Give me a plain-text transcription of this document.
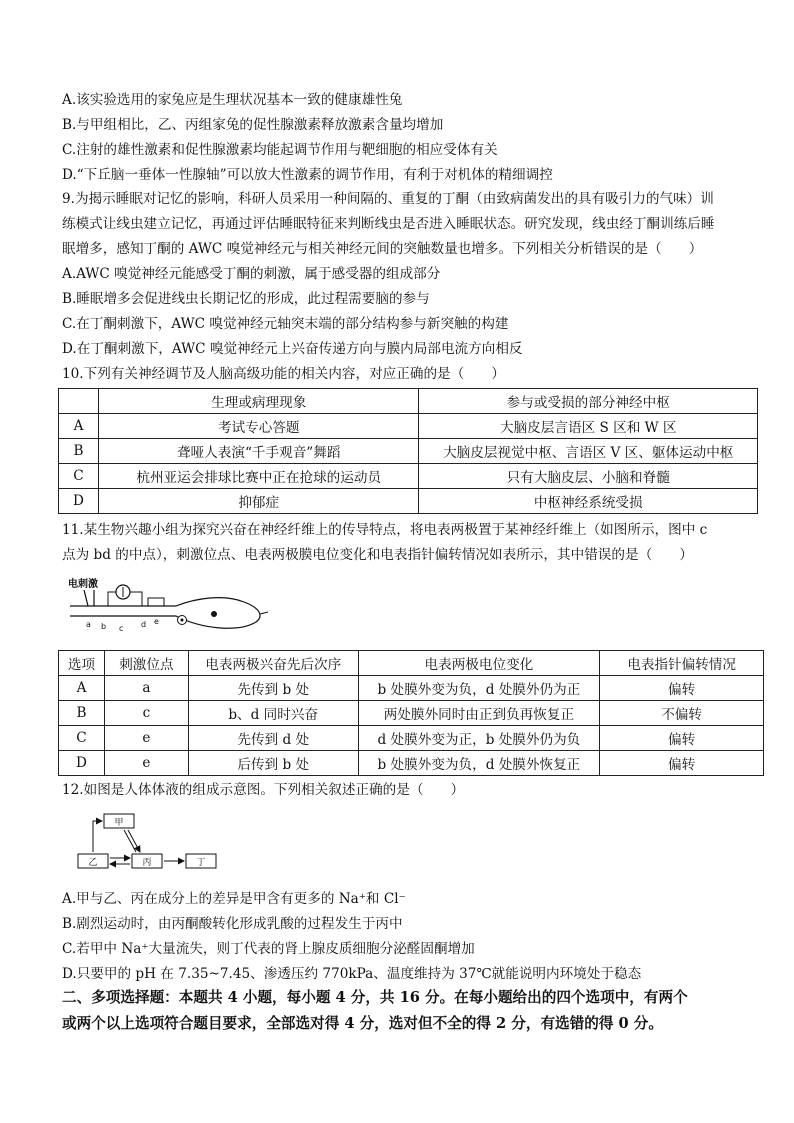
A.该实验选用的家兔应是生理状况基本一致的健康雄性兔
B.与甲组相比，乙、丙组家兔的促性腺激素释放激素含量均增加
C.注射的雄性激素和促性腺激素均能起调节作用与靶细胞的相应受体有关
D.“下丘脑一垂体一性腺轴”可以放大性激素的调节作用，有利于对机体的精细调控
9.为揭示睡眠对记忆的影响，科研人员采用一种间隔的、重复的丁酮（由致病菌发出的具有吸引力的气味）训
练模式让线虫建立记忆，再通过评估睡眠特征来判断线虫是否进入睡眠状态。研究发现，线虫经丁酮训练后睡
眠增多，感知丁酮的 AWC 嗅觉神经元与相关神经元间的突触数量也增多。下列相关分析错误的是（　　）
A.AWC 嗅觉神经元能感受丁酮的刺激，属于感受器的组成部分
B.睡眠增多会促进线虫长期记忆的形成，此过程需要脑的参与
C.在丁酮刺激下，AWC 嗅觉神经元轴突末端的部分结构参与新突触的构建
D.在丁酮刺激下，AWC 嗅觉神经元上兴奋传递方向与膜内局部电流方向相反
10.下列有关神经调节及人脑高级功能的相关内容，对应正确的是（　　）
	生理或病理现象	参与或受损的部分神经中枢
A	考试专心答题	大脑皮层言语区 S 区和 W 区
B	聋哑人表演“千手观音”舞蹈	大脑皮层视觉中枢、言语区 V 区、躯体运动中枢
C	杭州亚运会排球比赛中正在抢球的运动员	只有大脑皮层、小脑和脊髓
D	抑郁症	中枢神经系统受损
11.某生物兴趣小组为探究兴奋在神经纤维上的传导特点，将电表两极置于某神经纤维上（如图所示，图中 c
点为 bd 的中点），刺激位点、电表两极膜电位变化和电表指针偏转情况如表所示，其中错误的是（　　）
电刺激
a b c d e
选项	刺激位点	电表两极兴奋先后次序	电表两极电位变化	电表指针偏转情况
A	a	先传到 b 处	b 处膜外变为负，d 处膜外仍为正	偏转
B	c	b、d 同时兴奋	两处膜外同时由正到负再恢复正	不偏转
C	e	先传到 d 处	d 处膜外变为正，b 处膜外仍为负	偏转
D	e	后传到 b 处	b 处膜外变为负，d 处膜外恢复正	偏转
12.如图是人体体液的组成示意图。下列相关叙述正确的是（　　）
甲
乙	丙	丁
A.甲与乙、丙在成分上的差异是甲含有更多的 Na⁺和 Cl⁻
B.剧烈运动时，由丙酮酸转化形成乳酸的过程发生于丙中
C.若甲中 Na⁺大量流失，则丁代表的肾上腺皮质细胞分泌醛固酮增加
D.只要甲的 pH 在 7.35~7.45、渗透压约 770kPa、温度维持为 37℃就能说明内环境处于稳态
二、多项选择题：本题共 4 小题，每小题 4 分，共 16 分。在每小题给出的四个选项中，有两个
或两个以上选项符合题目要求，全部选对得 4 分，选对但不全的得 2 分，有选错的得 0 分。
